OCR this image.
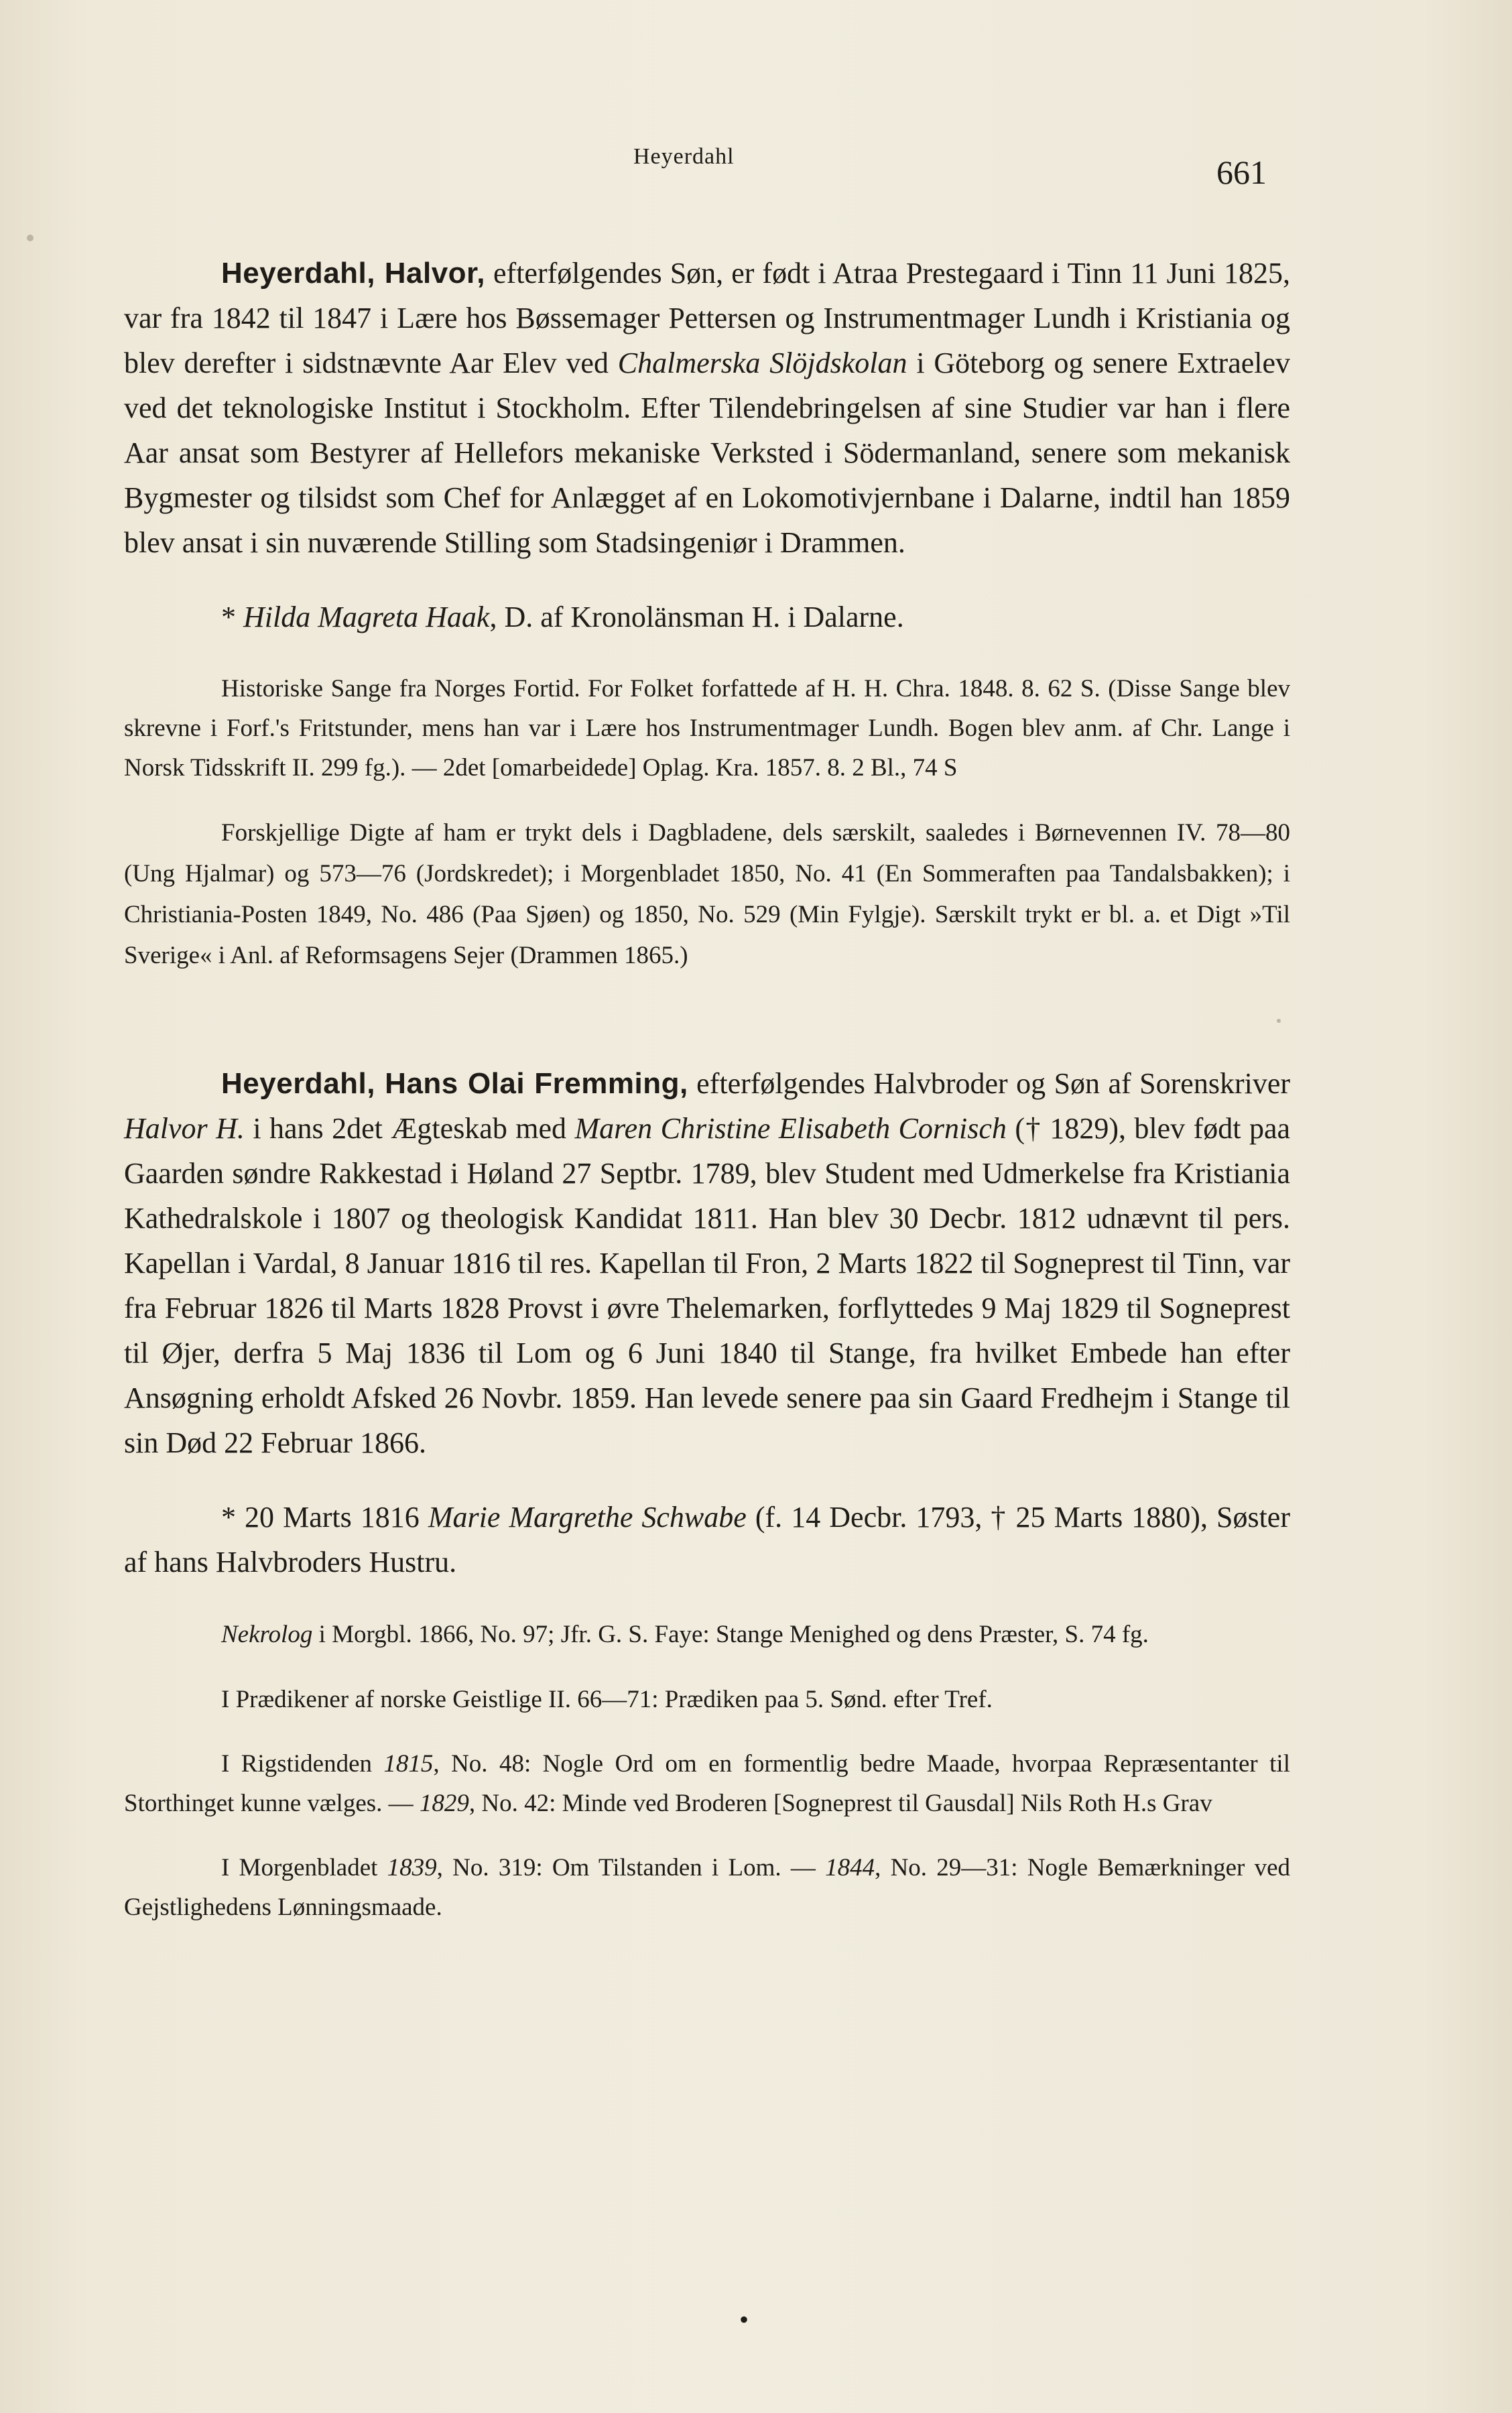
Heyerdahl	661

Heyerdahl, Halvor, efterfølgendes Søn, er født i Atraa Prestegaard i Tinn 11 Juni 1825, var fra 1842 til 1847 i Lære hos Bøssemager Pettersen og Instrumentmager Lundh i Kristiania og blev derefter i sidstnævnte Aar Elev ved Chalmerska Slöjdskolan i Göteborg og senere Extraelev ved det teknologiske Institut i Stockholm. Efter Tilendebringelsen af sine Studier var han i flere Aar ansat som Bestyrer af Hellefors mekaniske Verksted i Södermanland, senere som mekanisk Bygmester og tilsidst som Chef for Anlægget af en Lokomotivjernbane i Dalarne, indtil han 1859 blev ansat i sin nuværende Stilling som Stadsingeniør i Drammen.

* Hilda Magreta Haak, D. af Kronolänsman H. i Dalarne.

Historiske Sange fra Norges Fortid. For Folket forfattede af H. H. Chra. 1848. 8. 62 S. (Disse Sange blev skrevne i Forf.'s Fritstunder, mens han var i Lære hos Instrumentmager Lundh. Bogen blev anm. af Chr. Lange i Norsk Tidsskrift II. 299 fg.). — 2det [omarbeidede] Oplag. Kra. 1857. 8. 2 Bl., 74 S

Forskjellige Digte af ham er trykt dels i Dagbladene, dels særskilt, saaledes i Børnevennen IV. 78—80 (Ung Hjalmar) og 573—76 (Jordskredet); i Morgenbladet 1850, No. 41 (En Sommeraften paa Tandalsbakken); i Christiania-Posten 1849, No. 486 (Paa Sjøen) og 1850, No. 529 (Min Fylgje). Særskilt trykt er bl. a. et Digt »Til Sverige« i Anl. af Reformsagens Sejer (Drammen 1865.)

Heyerdahl, Hans Olai Fremming, efterfølgendes Halvbroder og Søn af Sorenskriver Halvor H. i hans 2det Ægteskab med Maren Christine Elisabeth Cornisch († 1829), blev født paa Gaarden søndre Rakkestad i Høland 27 Septbr. 1789, blev Student med Udmerkelse fra Kristiania Kathedralskole i 1807 og theologisk Kandidat 1811. Han blev 30 Decbr. 1812 udnævnt til pers. Kapellan i Vardal, 8 Januar 1816 til res. Kapellan til Fron, 2 Marts 1822 til Sogneprest til Tinn, var fra Februar 1826 til Marts 1828 Provst i øvre Thelemarken, forflyttedes 9 Maj 1829 til Sogneprest til Øjer, derfra 5 Maj 1836 til Lom og 6 Juni 1840 til Stange, fra hvilket Embede han efter Ansøgning erholdt Afsked 26 Novbr. 1859. Han levede senere paa sin Gaard Fredhejm i Stange til sin Død 22 Februar 1866.

* 20 Marts 1816 Marie Margrethe Schwabe (f. 14 Decbr. 1793, † 25 Marts 1880), Søster af hans Halvbroders Hustru.

Nekrolog i Morgbl. 1866, No. 97; Jfr. G. S. Faye: Stange Menighed og dens Præster, S. 74 fg.

I Prædikener af norske Geistlige II. 66—71: Prædiken paa 5. Sønd. efter Tref.

I Rigstidenden 1815, No. 48: Nogle Ord om en formentlig bedre Maade, hvorpaa Repræsentanter til Storthinget kunne vælges. — 1829, No. 42: Minde ved Broderen [Sogneprest til Gausdal] Nils Roth H.s Grav

I Morgenbladet 1839, No. 319: Om Tilstanden i Lom. — 1844, No. 29—31: Nogle Bemærkninger ved Gejstlighedens Lønningsmaade.

•
